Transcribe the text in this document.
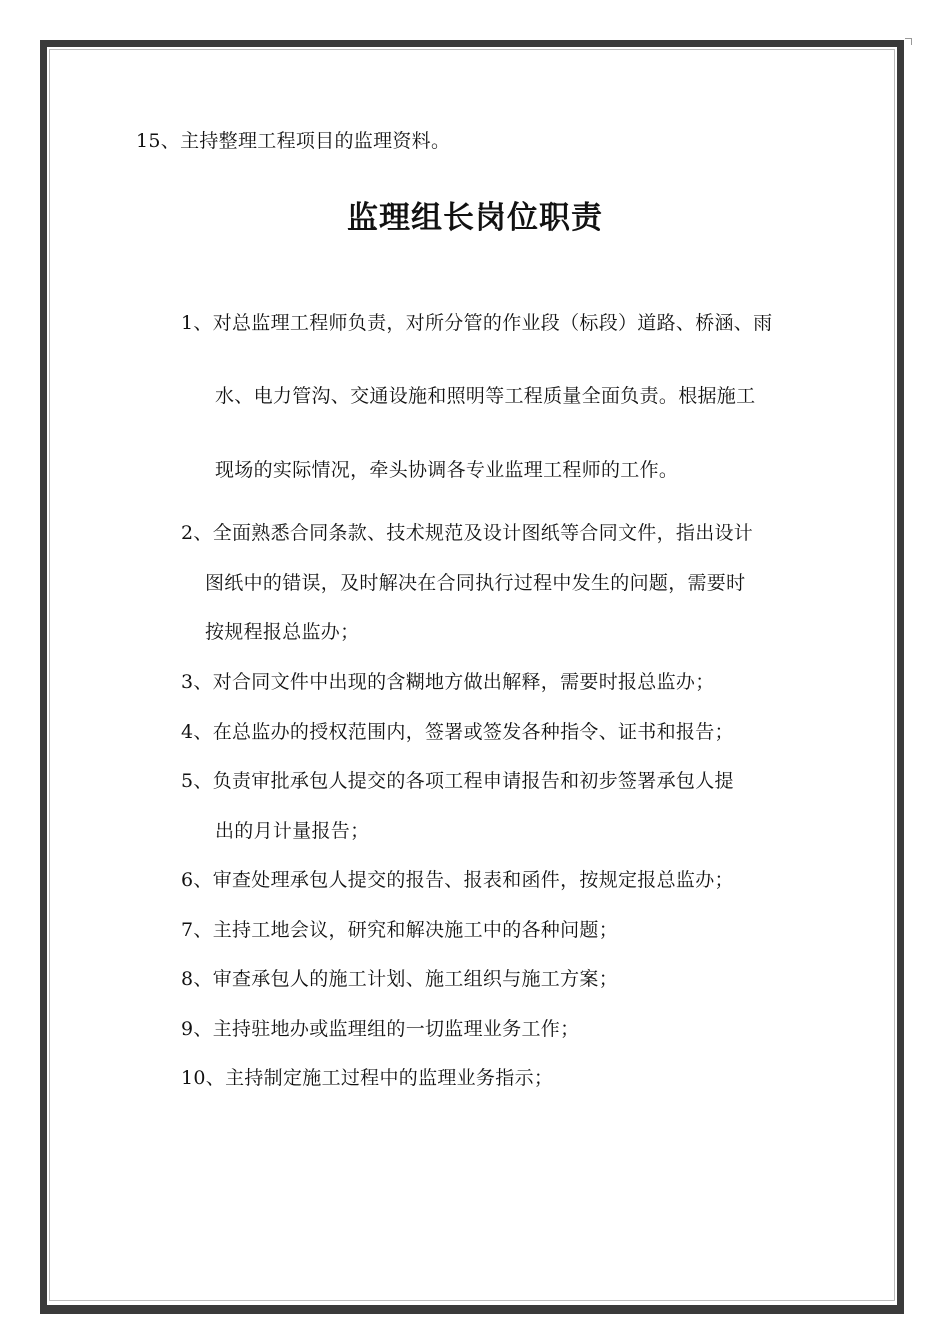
15、主持整理工程项目的监理资料。
监理组长岗位职责
1、对总监理工程师负责，对所分管的作业段（标段）道路、桥涵、雨
水、电力管沟、交通设施和照明等工程质量全面负责。根据施工
现场的实际情况，牵头协调各专业监理工程师的工作。
2、全面熟悉合同条款、技术规范及设计图纸等合同文件，指出设计
图纸中的错误，及时解决在合同执行过程中发生的问题，需要时
按规程报总监办；
3、对合同文件中出现的含糊地方做出解释，需要时报总监办；
4、在总监办的授权范围内，签署或签发各种指令、证书和报告；
5、负责审批承包人提交的各项工程申请报告和初步签署承包人提
出的月计量报告；
6、审查处理承包人提交的报告、报表和函件，按规定报总监办；
7、主持工地会议，研究和解决施工中的各种问题；
8、审查承包人的施工计划、施工组织与施工方案；
9、主持驻地办或监理组的一切监理业务工作；
10、主持制定施工过程中的监理业务指示；
